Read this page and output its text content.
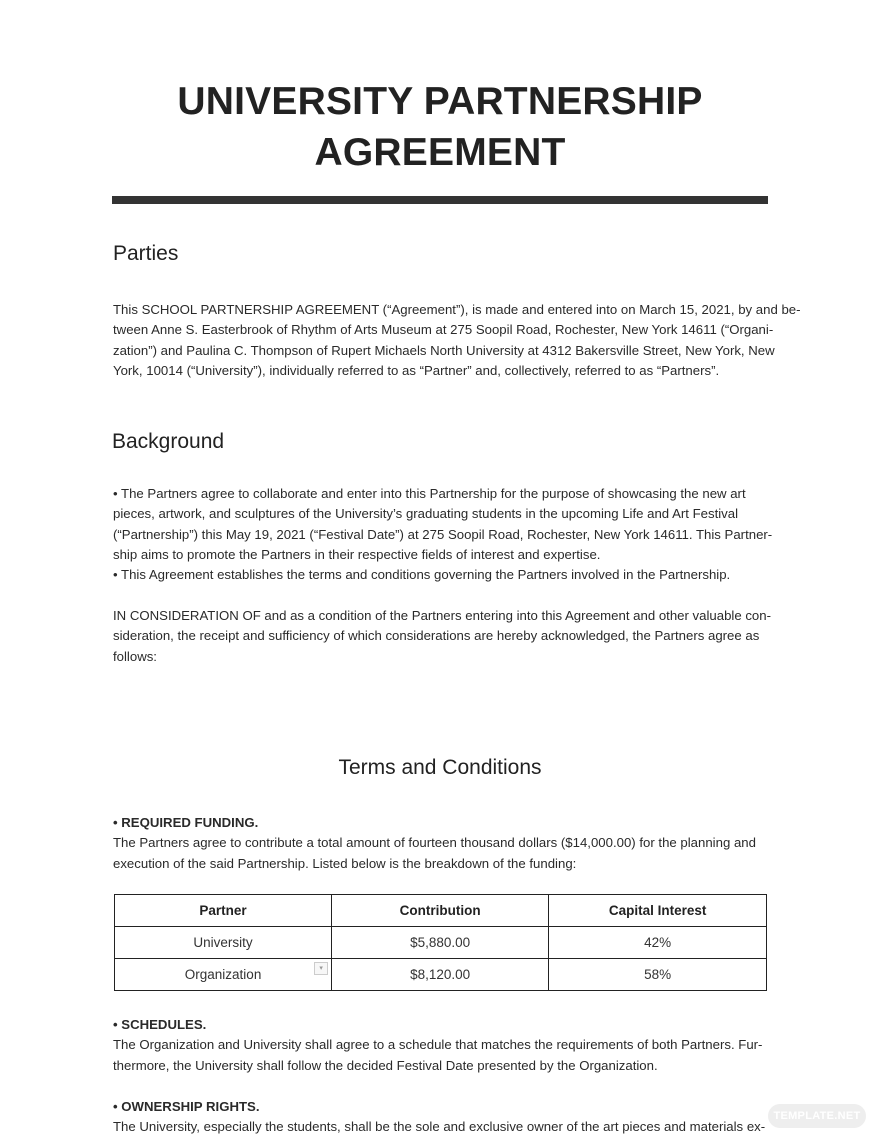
UNIVERSITY PARTNERSHIP
AGREEMENT
Parties
This SCHOOL PARTNERSHIP AGREEMENT (“Agreement”), is made and entered into on March 15, 2021, by and be-
tween Anne S. Easterbrook of Rhythm of Arts Museum at 275 Soopil Road, Rochester, New York 14611 (“Organi-
zation”) and Paulina C. Thompson of Rupert Michaels North University at 4312 Bakersville Street, New York, New
York, 10014 (“University”), individually referred to as “Partner” and, collectively, referred to as “Partners”.
Background
• The Partners agree to collaborate and enter into this Partnership for the purpose of showcasing the new art
pieces, artwork, and sculptures of the University’s graduating students in the upcoming Life and Art Festival
(“Partnership”) this May 19, 2021 (“Festival Date”) at 275 Soopil Road, Rochester, New York 14611. This Partner-
ship aims to promote the Partners in their respective fields of interest and expertise.
• This Agreement establishes the terms and conditions governing the Partners involved in the Partnership.
IN CONSIDERATION OF and as a condition of the Partners entering into this Agreement and other valuable con-
sideration, the receipt and sufficiency of which considerations are hereby acknowledged, the Partners agree as
follows:
Terms and Conditions
• REQUIRED FUNDING.
The Partners agree to contribute a total amount of fourteen thousand dollars ($14,000.00) for the planning and
execution of the said Partnership. Listed below is the breakdown of the funding:
Partner	Contribution	Capital Interest
University	$5,880.00	42%
Organization ▾	$8,120.00	58%
• SCHEDULES.
The Organization and University shall agree to a schedule that matches the requirements of both Partners. Fur-
thermore, the University shall follow the decided Festival Date presented by the Organization.
• OWNERSHIP RIGHTS.
The University, especially the students, shall be the sole and exclusive owner of the art pieces and materials ex-
TEMPLATE.NET
